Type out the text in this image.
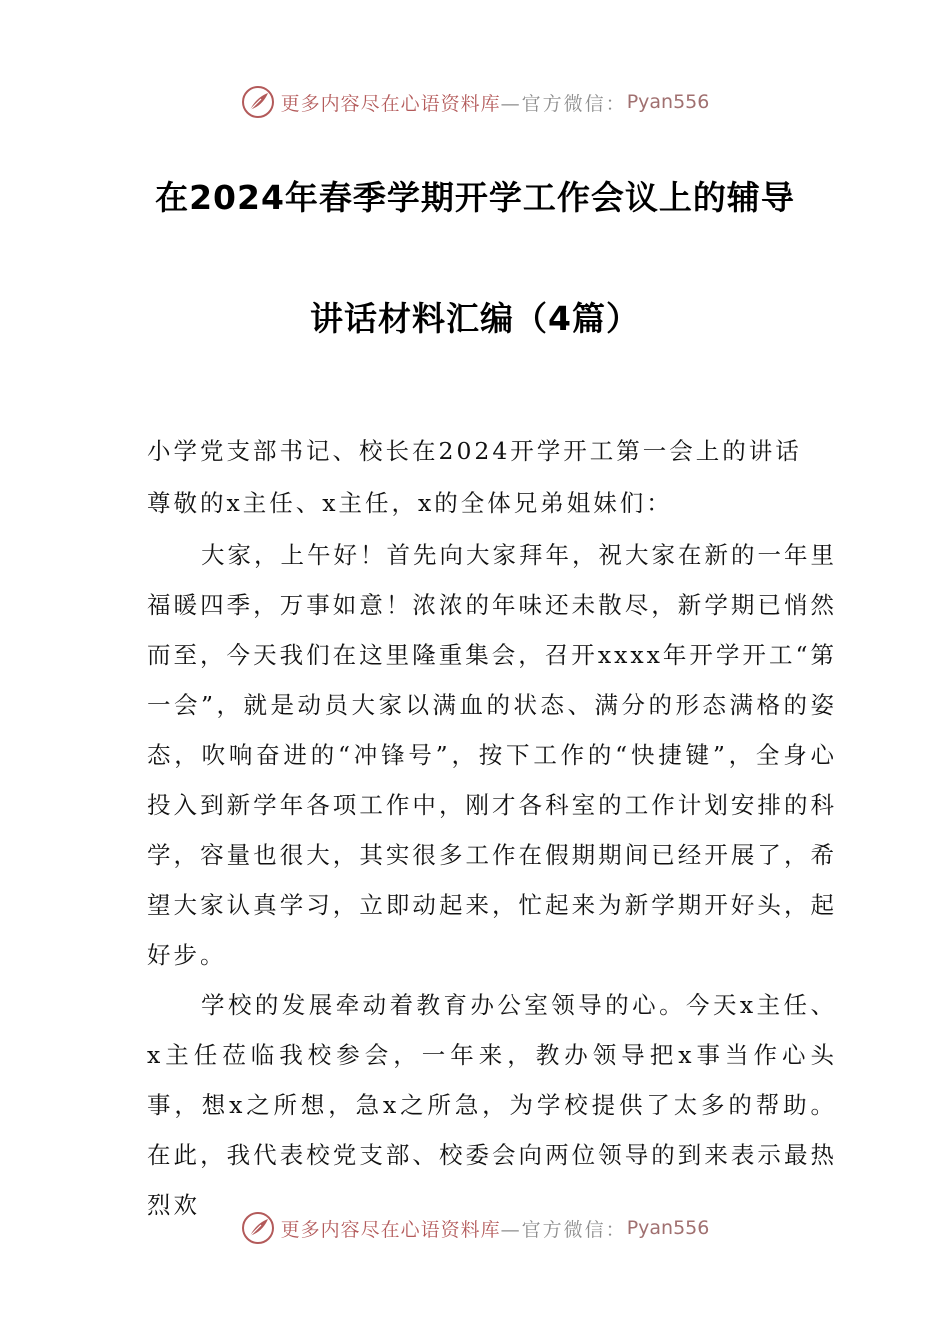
更多内容尽在心语资料库 —官方微信： Pyan556
在2024年春季学期开学工作会议上的辅导
讲话材料汇编（4篇）
小学党支部书记、校长在2024开学开工第一会上的讲话
尊敬的x主任、x主任，x的全体兄弟姐妹们：
大家，上午好！首先向大家拜年，祝大家在新的一年里福暖四季，万事如意！浓浓的年味还未散尽，新学期已悄然而至，今天我们在这里隆重集会，召开xxxx年开学开工“第一会”，就是动员大家以满血的状态、满分的形态满格的姿态，吹响奋进的“冲锋号”，按下工作的“快捷键”，全身心投入到新学年各项工作中，刚才各科室的工作计划安排的科学，容量也很大，其实很多工作在假期期间已经开展了，希望大家认真学习，立即动起来，忙起来为新学期开好头，起好步。
学校的发展牵动着教育办公室领导的心。今天x主任、x主任莅临我校参会，一年来，教办领导把x事当作心头事，想x之所想，急x之所急，为学校提供了太多的帮助。在此，我代表校党支部、校委会向两位领导的到来表示最热烈欢
更多内容尽在心语资料库 —官方微信： Pyan556
